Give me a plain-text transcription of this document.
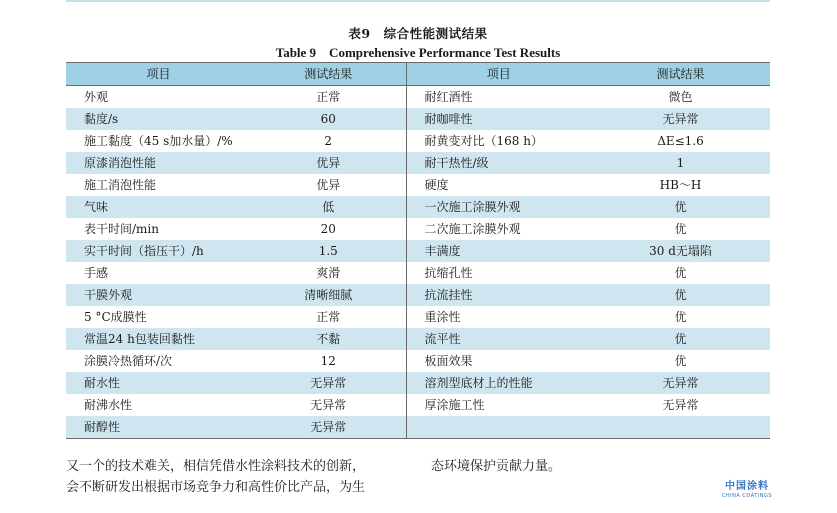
表9　综合性能测试结果
Table 9　Comprehensive Performance Test Results
项目	测试结果	项目	测试结果
外观	正常	耐红酒性	微色
黏度/s	60	耐咖啡性	无异常
施工黏度（45 s加水量）/%	2	耐黄变对比（168 h）	ΔE≤1.6
原漆消泡性能	优异	耐干热性/级	1
施工消泡性能	优异	硬度	HB～H
气味	低	一次施工涂膜外观	优
表干时间/min	20	二次施工涂膜外观	优
实干时间（指压干）/h	1.5	丰满度	30 d无塌陷
手感	爽滑	抗缩孔性	优
干膜外观	清晰细腻	抗流挂性	优
5 °C成膜性	正常	重涂性	优
常温24 h包装回黏性	不黏	流平性	优
涂膜冷热循环/次	12	板面效果	优
耐水性	无异常	溶剂型底材上的性能	无异常
耐沸水性	无异常	厚涂施工性	无异常
耐醇性	无异常		
又一个的技术难关，相信凭借水性涂料技术的创新，
会不断研发出根据市场竞争力和高性价比产品，为生
态环境保护贡献力量。
中国涂料
CHINA COATINGS
